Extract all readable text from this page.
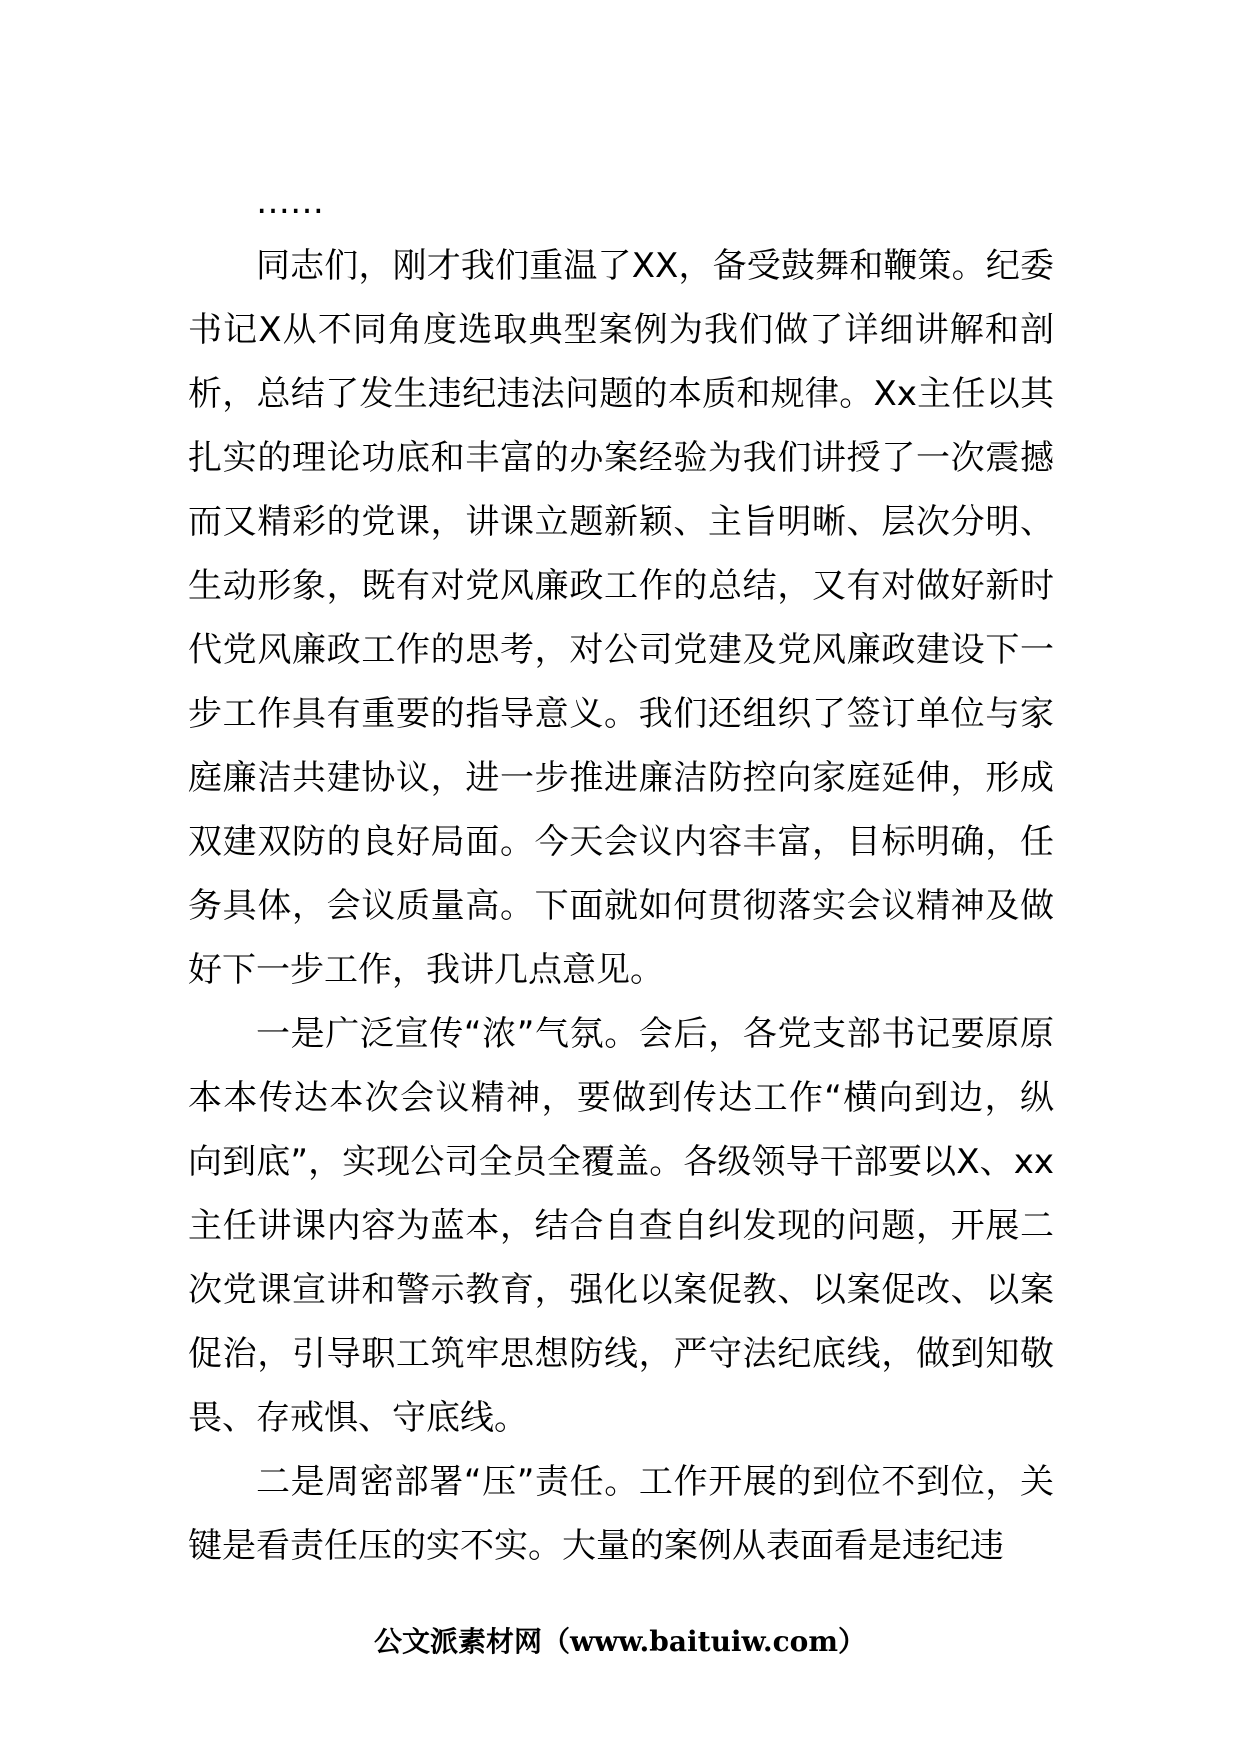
……

同志们，刚才我们重温了XX，备受鼓舞和鞭策。纪委书记X从不同角度选取典型案例为我们做了详细讲解和剖析，总结了发生违纪违法问题的本质和规律。Xx主任以其扎实的理论功底和丰富的办案经验为我们讲授了一次震撼而又精彩的党课，讲课立题新颖、主旨明晰、层次分明、生动形象，既有对党风廉政工作的总结，又有对做好新时代党风廉政工作的思考，对公司党建及党风廉政建设下一步工作具有重要的指导意义。我们还组织了签订单位与家庭廉洁共建协议，进一步推进廉洁防控向家庭延伸，形成双建双防的良好局面。今天会议内容丰富，目标明确，任务具体，会议质量高。下面就如何贯彻落实会议精神及做好下一步工作，我讲几点意见。

一是广泛宣传“浓”气氛。会后，各党支部书记要原原本本传达本次会议精神，要做到传达工作“横向到边，纵向到底”，实现公司全员全覆盖。各级领导干部要以X、xx主任讲课内容为蓝本，结合自查自纠发现的问题，开展二次党课宣讲和警示教育，强化以案促教、以案促改、以案促治，引导职工筑牢思想防线，严守法纪底线，做到知敬畏、存戒惧、守底线。

二是周密部署“压”责任。工作开展的到位不到位，关键是看责任压的实不实。大量的案例从表面看是违纪违

公文派素材网（www.baituiw.com）
